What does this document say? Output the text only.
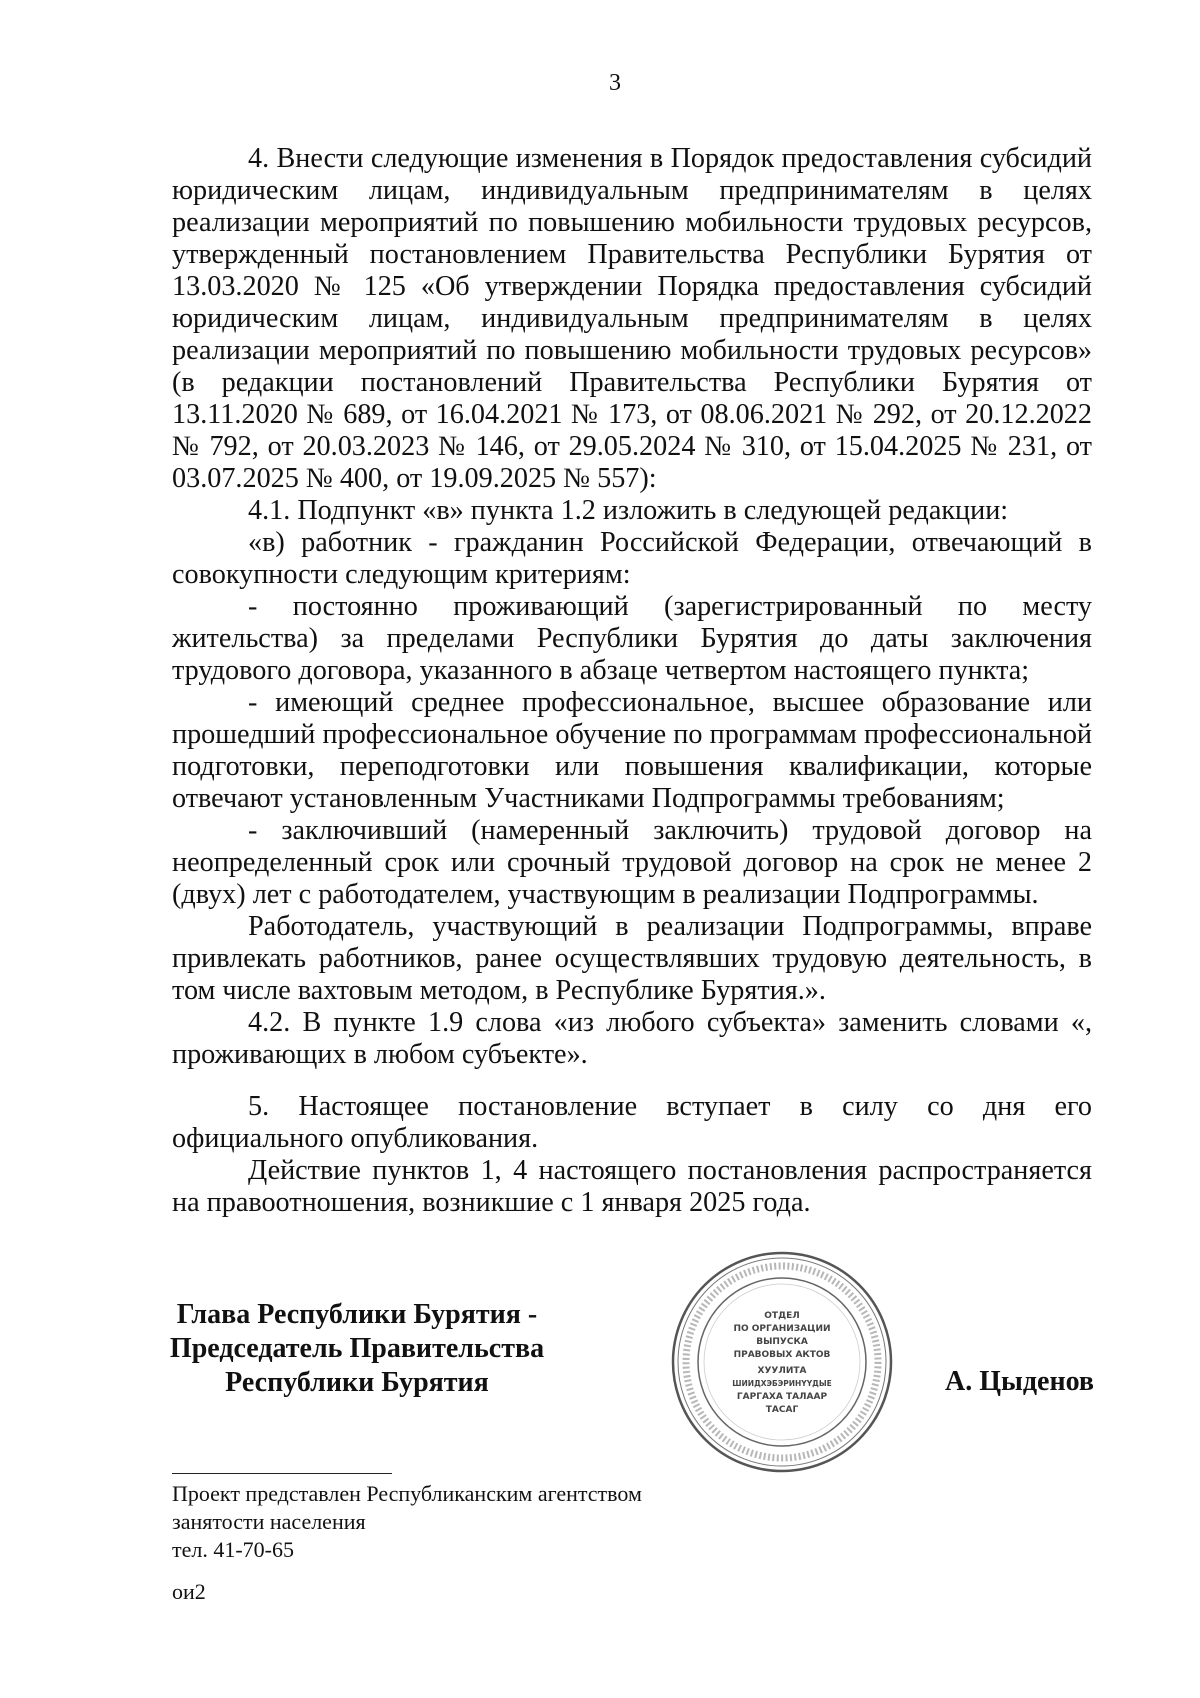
3

4. Внести следующие изменения в Порядок предоставления субсидий юридическим лицам, индивидуальным предпринимателям в целях реализации мероприятий по повышению мобильности трудовых ресурсов, утвержденный постановлением Правительства Республики Бурятия от 13.03.2020 № 125 «Об утверждении Порядка предоставления субсидий юридическим лицам, индивидуальным предпринимателям в целях реализации мероприятий по повышению мобильности трудовых ресурсов» (в редакции постановлений Правительства Республики Бурятия от 13.11.2020 № 689, от 16.04.2021 № 173, от 08.06.2021 № 292, от 20.12.2022 № 792, от 20.03.2023 № 146, от 29.05.2024 № 310, от 15.04.2025 № 231, от 03.07.2025 № 400, от 19.09.2025 № 557):

4.1. Подпункт «в» пункта 1.2 изложить в следующей редакции:

«в) работник - гражданин Российской Федерации, отвечающий в совокупности следующим критериям:

- постоянно проживающий (зарегистрированный по месту жительства) за пределами Республики Бурятия до даты заключения трудового договора, указанного в абзаце четвертом настоящего пункта;

- имеющий среднее профессиональное, высшее образование или прошедший профессиональное обучение по программам профессиональной подготовки, переподготовки или повышения квалификации, которые отвечают установленным Участниками Подпрограммы требованиям;

- заключивший (намеренный заключить) трудовой договор на неопределенный срок или срочный трудовой договор на срок не менее 2 (двух) лет с работодателем, участвующим в реализации Подпрограммы.

Работодатель, участвующий в реализации Подпрограммы, вправе привлекать работников, ранее осуществлявших трудовую деятельность, в том числе вахтовым методом, в Республике Бурятия.».

4.2. В пункте 1.9 слова «из любого субъекта» заменить словами «, проживающих в любом субъекте».

5. Настоящее постановление вступает в силу со дня его официального опубликования.

Действие пунктов 1, 4 настоящего постановления распространяется на правоотношения, возникшие с 1 января 2025 года.

Глава Республики Бурятия -
Председатель Правительства
Республики Бурятия
ОТДЕЛ
ПО ОРГАНИЗАЦИИ
ВЫПУСКА
ПРАВОВЫХ АКТОВ
ХУУЛИТА
ШИИДХЭБЭРИНҮҮДЫЕ
ГАРГАХА ТАЛААР
ТАСАГ
А. Цыденов
Проект представлен Республиканским агентством
занятости населения
тел. 41-70-65
ои2
